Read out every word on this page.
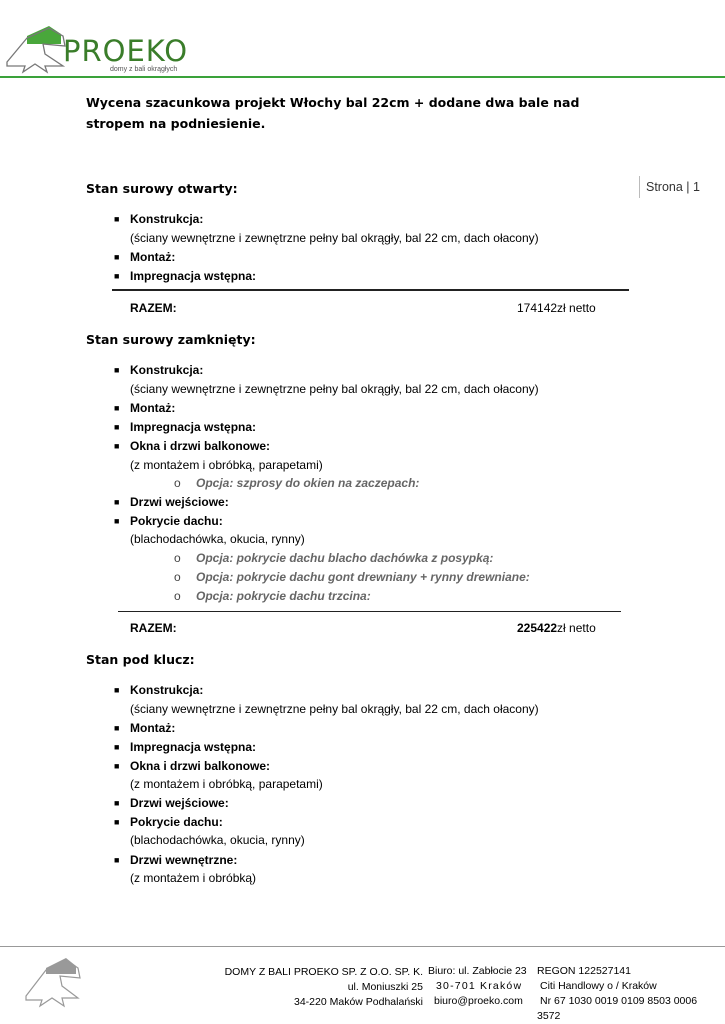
PROEKO
domy z bali okrągłych
Wycena szacunkowa projekt Włochy bal 22cm + dodane dwa bale nad stropem na podniesienie.
Strona | 1
Stan surowy otwarty:
■ Konstrukcja:
(ściany wewnętrzne i zewnętrzne pełny bal okrągły, bal 22 cm, dach ołacony)
■ Montaż:
■ Impregnacja wstępna:
RAZEM:	174142zł netto
Stan surowy zamknięty:
■ Konstrukcja:
(ściany wewnętrzne i zewnętrzne pełny bal okrągły, bal 22 cm, dach ołacony)
■ Montaż:
■ Impregnacja wstępna:
■ Okna i drzwi balkonowe:
(z montażem i obróbką, parapetami)
o Opcja: szprosy do okien na zaczepach:
■ Drzwi wejściowe:
■ Pokrycie dachu:
(blachodachówka, okucia, rynny)
o Opcja: pokrycie dachu blacho dachówka z posypką:
o Opcja: pokrycie dachu gont drewniany + rynny drewniane:
o Opcja: pokrycie dachu trzcina:
RAZEM:	225422zł netto
Stan pod klucz:
■ Konstrukcja:
(ściany wewnętrzne i zewnętrzne pełny bal okrągły, bal 22 cm, dach ołacony)
■ Montaż:
■ Impregnacja wstępna:
■ Okna i drzwi balkonowe:
(z montażem i obróbką, parapetami)
■ Drzwi wejściowe:
■ Pokrycie dachu:
(blachodachówka, okucia, rynny)
■ Drzwi wewnętrzne:
(z montażem i obróbką)
DOMY Z BALI PROEKO SP. Z O.O. SP. K.
ul. Moniuszki 25
34-220 Maków Podhalański
Biuro: ul. Zabłocie 23
30-701 Kraków
biuro@proeko.com
REGON 122527141
Citi Handlowy o / Kraków
Nr 67 1030 0019 0109 8503 0006
3572
